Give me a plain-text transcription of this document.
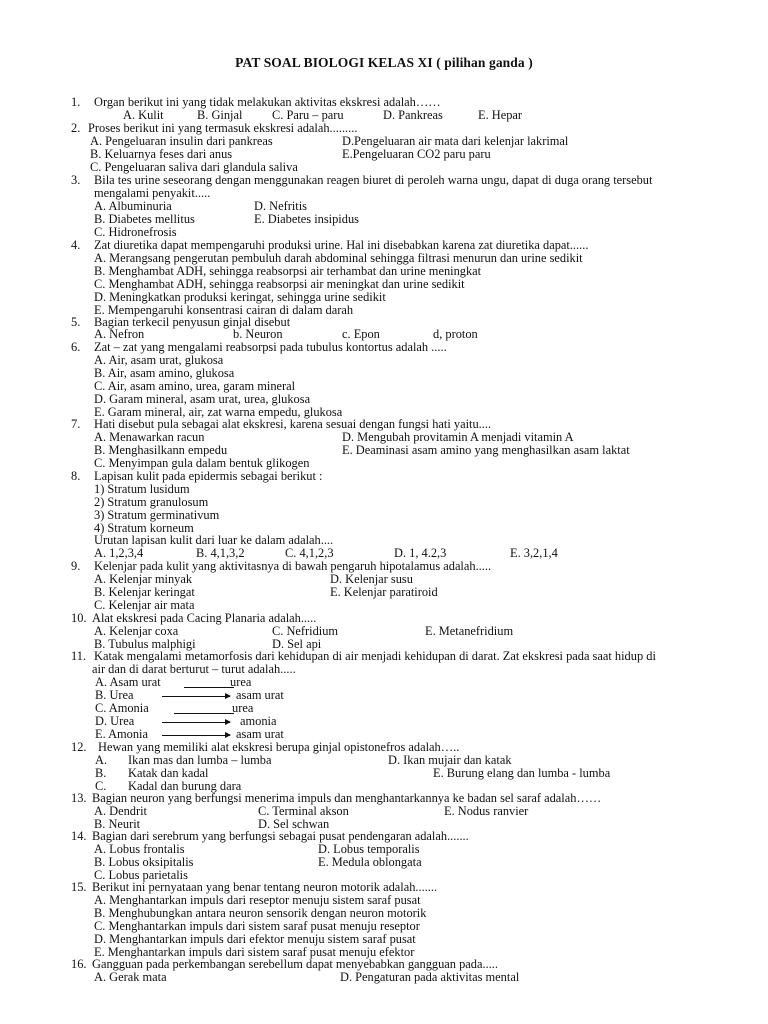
PAT SOAL BIOLOGI KELAS XI ( pilihan ganda )
1. Organ berikut ini yang tidak melakukan aktivitas ekskresi adalah……
A. Kulit	B. Ginjal C. Paru – paru	D. Pankreas	E. Hepar
2. Proses berikut ini yang termasuk ekskresi adalah.........
A. Pengeluaran insulin dari pankreas	D.Pengeluaran air mata dari kelenjar lakrimal
B. Keluarnya feses dari anus	E.Pengeluaran CO2 paru paru
C. Pengeluaran saliva dari glandula saliva
3. Bila tes urine seseorang dengan menggunakan reagen biuret di peroleh warna ungu, dapat di duga orang tersebut
mengalami penyakit.....
A. Albuminuria	D. Nefritis
B. Diabetes mellitus	E. Diabetes insipidus
C. Hidronefrosis
4. Zat diuretika dapat mempengaruhi produksi urine. Hal ini disebabkan karena zat diuretika dapat......
A. Merangsang pengerutan pembuluh darah abdominal sehingga filtrasi menurun dan urine sedikit
B. Menghambat ADH, sehingga reabsorpsi air terhambat dan urine meningkat
C. Menghambat ADH, sehingga reabsorpsi air meningkat dan urine sedikit
D. Meningkatkan produksi keringat, sehingga urine sedikit
E. Mempengaruhi konsentrasi cairan di dalam darah
5. Bagian terkecil penyusun ginjal disebut
A. Nefron	b. Neuron	c. Epon	d, proton
6. Zat – zat yang mengalami reabsorpsi pada tubulus kontortus adalah .....
A. Air, asam urat, glukosa
B. Air, asam amino, glukosa
C. Air, asam amino, urea, garam mineral
D. Garam mineral, asam urat, urea, glukosa
E. Garam mineral, air, zat warna empedu, glukosa
7. Hati disebut pula sebagai alat ekskresi, karena sesuai dengan fungsi hati yaitu....
A. Menawarkan racun	D. Mengubah provitamin A menjadi vitamin A
B. Menghasilkann empedu	E. Deaminasi asam amino yang menghasilkan asam laktat
C. Menyimpan gula dalam bentuk glikogen
8. Lapisan kulit pada epidermis sebagai berikut :
1) Stratum lusidum
2) Stratum granulosum
3) Stratum germinativum
4) Stratum korneum
Urutan lapisan kulit dari luar ke dalam adalah....
A. 1,2,3,4	B. 4,1,3,2	C. 4,1,2,3	D. 1, 4.2,3	E. 3,2,1,4
9. Kelenjar pada kulit yang aktivitasnya di bawah pengaruh hipotalamus adalah.....
A. Kelenjar minyak	D. Kelenjar susu
B. Kelenjar keringat	E. Kelenjar paratiroid
C. Kelenjar air mata
10. Alat ekskresi pada Cacing Planaria adalah.....
A. Kelenjar coxa	C. Nefridium	E. Metanefridium
B. Tubulus malphigi	D. Sel api
11. Katak mengalami metamorfosis dari kehidupan di air menjadi kehidupan di darat. Zat ekskresi pada saat hidup di
air dan di darat berturut – turut adalah.....
A. Asam urat	urea
B. Urea	asam urat
C. Amonia	urea
D. Urea	amonia
E. Amonia	asam urat
12. Hewan yang memiliki alat ekskresi berupa ginjal opistonefros adalah…..
A. Ikan mas dan lumba – lumba	D. Ikan mujair dan katak
B. Katak dan kadal	E. Burung elang dan lumba - lumba
C. Kadal dan burung dara
13. Bagian neuron yang berfungsi menerima impuls dan menghantarkannya ke badan sel saraf adalah……
A. Dendrit	C. Terminal akson	E. Nodus ranvier
B. Neurit	D. Sel schwan
14. Bagian dari serebrum yang berfungsi sebagai pusat pendengaran adalah.......
A. Lobus frontalis	D. Lobus temporalis
B. Lobus oksipitalis	E. Medula oblongata
C. Lobus parietalis
15. Berikut ini pernyataan yang benar tentang neuron motorik adalah.......
A. Menghantarkan impuls dari reseptor menuju sistem saraf pusat
B. Menghubungkan antara neuron sensorik dengan neuron motorik
C. Menghantarkan impuls dari sistem saraf pusat menuju reseptor
D. Menghantarkan impuls dari efektor menuju sistem saraf pusat
E. Menghantarkan impuls dari sistem saraf pusat menuju efektor
16. Gangguan pada perkembangan serebellum dapat menyebabkan gangguan pada.....
A. Gerak mata	D. Pengaturan pada aktivitas mental
